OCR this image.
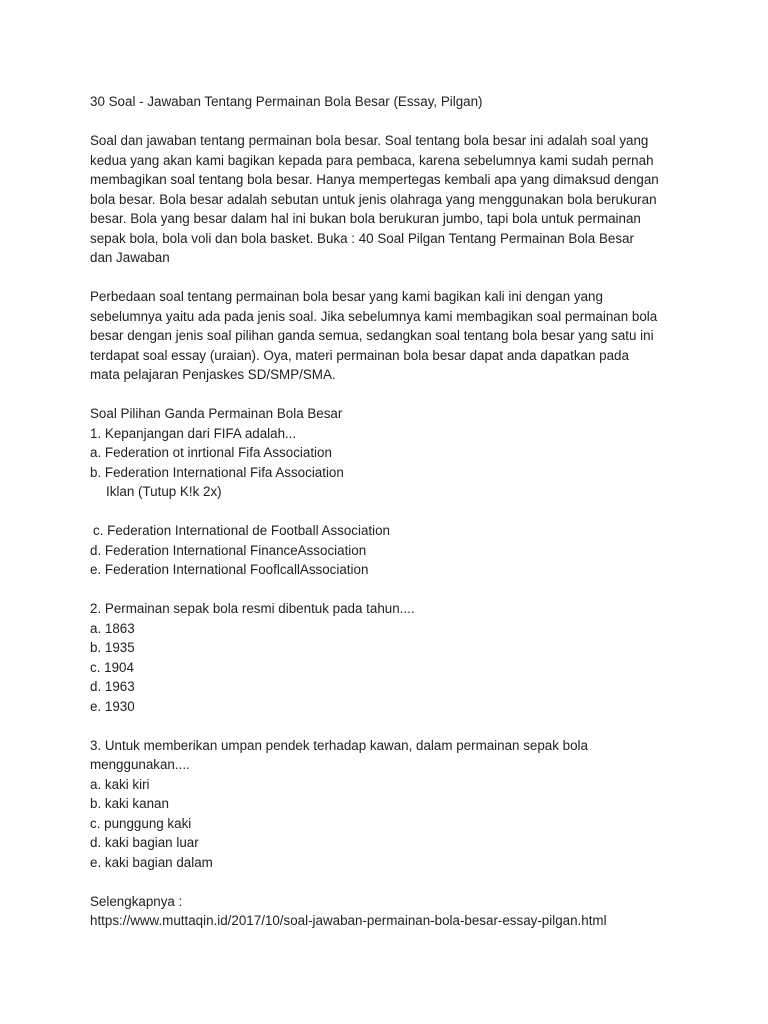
30 Soal - Jawaban Tentang Permainan Bola Besar (Essay, Pilgan)
Soal dan jawaban tentang permainan bola besar. Soal tentang bola besar ini adalah soal yang
kedua yang akan kami bagikan kepada para pembaca, karena sebelumnya kami sudah pernah
membagikan soal tentang bola besar. Hanya mempertegas kembali apa yang dimaksud dengan
bola besar. Bola besar adalah sebutan untuk jenis olahraga yang menggunakan bola berukuran
besar. Bola yang besar dalam hal ini bukan bola berukuran jumbo, tapi bola untuk permainan
sepak bola, bola voli dan bola basket. Buka : 40 Soal Pilgan Tentang Permainan Bola Besar
dan Jawaban
Perbedaan soal tentang permainan bola besar yang kami bagikan kali ini dengan yang
sebelumnya yaitu ada pada jenis soal. Jika sebelumnya kami membagikan soal permainan bola
besar dengan jenis soal pilihan ganda semua, sedangkan soal tentang bola besar yang satu ini
terdapat soal essay (uraian). Oya, materi permainan bola besar dapat anda dapatkan pada
mata pelajaran Penjaskes SD/SMP/SMA.
Soal Pilihan Ganda Permainan Bola Besar
1. Kepanjangan dari FIFA adalah...
a. Federation ot inrtional Fifa Association
b. Federation International Fifa Association
Iklan (Tutup K!k 2x)
c. Federation International de Football Association
d. Federation International FinanceAssociation
e. Federation International FooflcallAssociation
2. Permainan sepak bola resmi dibentuk pada tahun....
a. 1863
b. 1935
c. 1904
d. 1963
e. 1930
3. Untuk memberikan umpan pendek terhadap kawan, dalam permainan sepak bola
menggunakan....
a. kaki kiri
b. kaki kanan
c. punggung kaki
d. kaki bagian luar
e. kaki bagian dalam
Selengkapnya :
https://www.muttaqin.id/2017/10/soal-jawaban-permainan-bola-besar-essay-pilgan.html
